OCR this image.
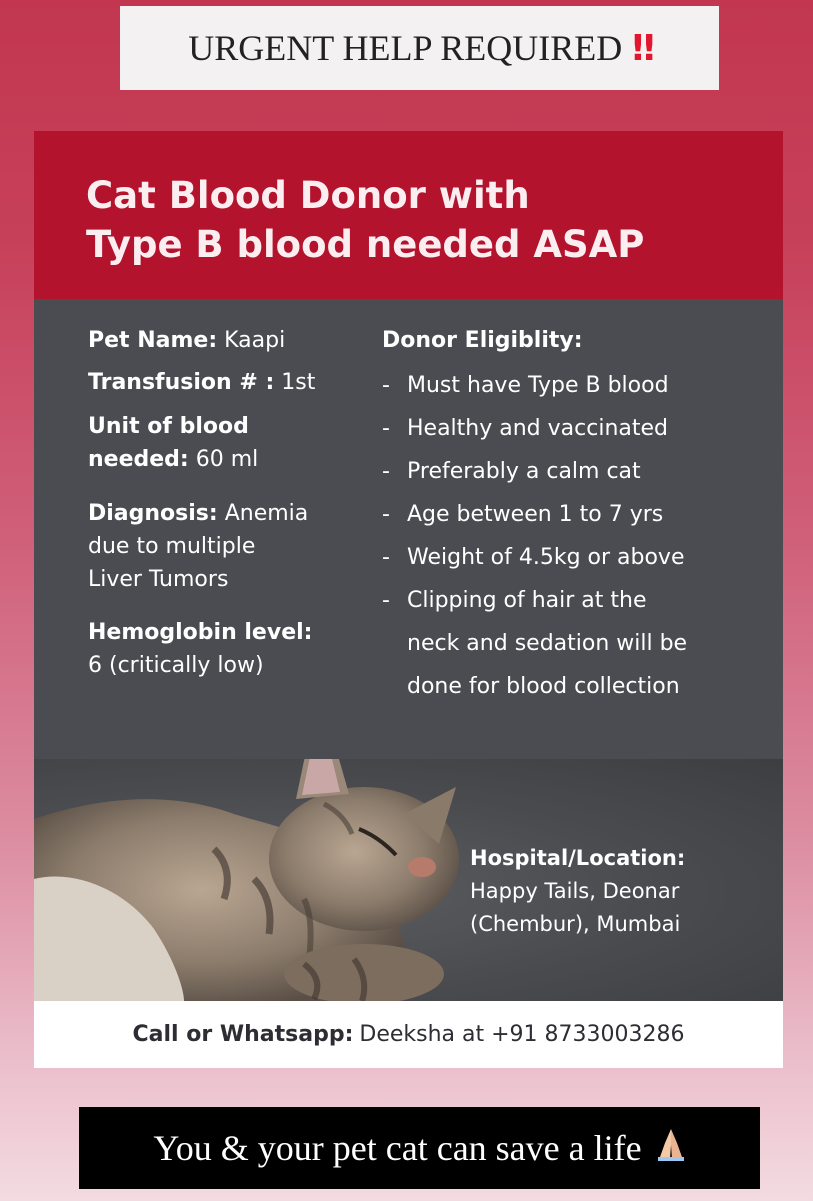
URGENT HELP REQUIRED ‼
Cat Blood Donor with
Type B blood needed ASAP
Pet Name: Kaapi
Transfusion # : 1st
Unit of blood
needed: 60 ml
Diagnosis: Anemia
due to multiple
Liver Tumors
Hemoglobin level:
6 (critically low)
Donor Eligiblity:
- Must have Type B blood
- Healthy and vaccinated
- Preferably a calm cat
- Age between 1 to 7 yrs
- Weight of 4.5kg or above
- Clipping of hair at the
neck and sedation will be
done for blood collection
Hospital/Location:
Happy Tails, Deonar
(Chembur), Mumbai
Call or Whatsapp: Deeksha at +91 8733003286
You & your pet cat can save a life
